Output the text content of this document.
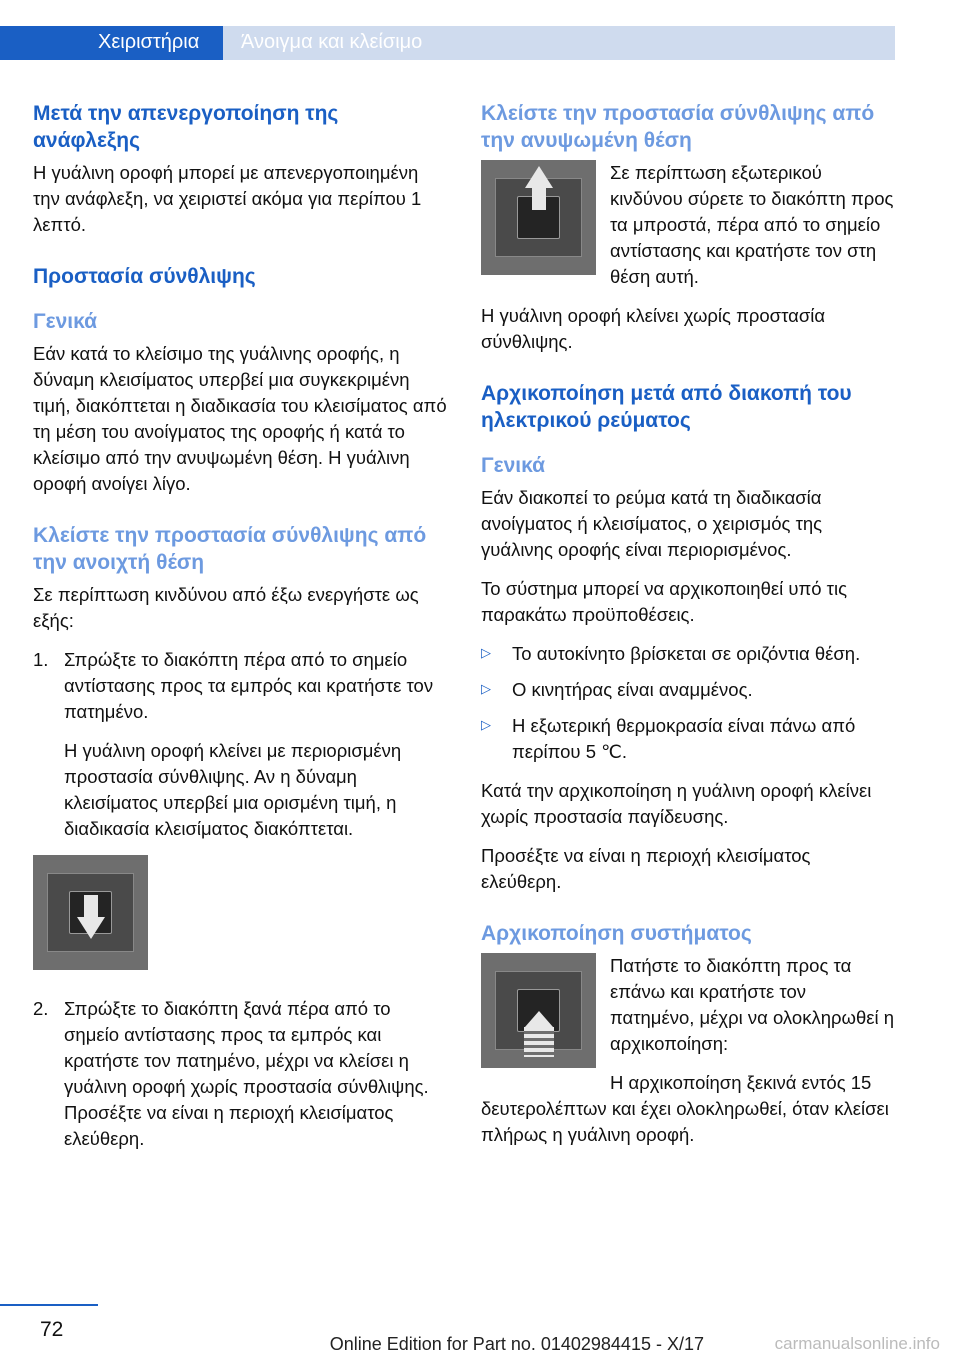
Χειριστήρια Άνοιγμα και κλείσιμο
Μετά την απενεργοποίηση της ανάφλεξης

Η γυάλινη οροφή μπορεί με απενεργοποιημένη την ανάφλεξη, να χειριστεί ακόμα για περίπου 1 λεπτό.

Προστασία σύνθλιψης
Γενικά

Εάν κατά το κλείσιμο της γυάλινης οροφής, η δύναμη κλεισίματος υπερβεί μια συγκεκριμένη τιμή, διακόπτεται η διαδικασία του κλεισίματος από τη μέση του ανοίγματος της οροφής ή κατά το κλείσιμο από την ανυψωμένη θέση. Η γυάλινη οροφή ανοίγει λίγο.

Κλείστε την προστασία σύνθλιψης από την ανοιχτή θέση

Σε περίπτωση κινδύνου από έξω ενεργήστε ως εξής:

1. Σπρώξτε το διακόπτη πέρα από το σημείο αντίστασης προς τα εμπρός και κρατήστε τον πατημένο.

Η γυάλινη οροφή κλείνει με περιορισμένη προστασία σύνθλιψης. Αν η δύναμη κλεισίματος υπερβεί μια ορισμένη τιμή, η διαδικασία κλεισίματος διακόπτεται.

2. Σπρώξτε το διακόπτη ξανά πέρα από το σημείο αντίστασης προς τα εμπρός και κρατήστε τον πατημένο, μέχρι να κλείσει η γυάλινη οροφή χωρίς προστασία σύνθλιψης. Προσέξτε να είναι η περιοχή κλεισίματος ελεύθερη.

Κλείστε την προστασία σύνθλιψης από την ανυψωμένη θέση

Σε περίπτωση εξωτερικού κινδύνου σύρετε το διακόπτη προς τα μπροστά, πέρα από το σημείο αντίστασης και κρατήστε τον στη θέση αυτή.

Η γυάλινη οροφή κλείνει χωρίς προστασία σύνθλιψης.

Αρχικοποίηση μετά από διακοπή του ηλεκτρικού ρεύματος
Γενικά

Εάν διακοπεί το ρεύμα κατά τη διαδικασία ανοίγματος ή κλεισίματος, ο χειρισμός της γυάλινης οροφής είναι περιορισμένος.

Το σύστημα μπορεί να αρχικοποιηθεί υπό τις παρακάτω προϋποθέσεις.

▷ Το αυτοκίνητο βρίσκεται σε οριζόντια θέση.

▷ Ο κινητήρας είναι αναμμένος.

▷ Η εξωτερική θερμοκρασία είναι πάνω από περίπου 5 ℃.

Κατά την αρχικοποίηση η γυάλινη οροφή κλείνει χωρίς προστασία παγίδευσης.

Προσέξτε να είναι η περιοχή κλεισίματος ελεύθερη.

Αρχικοποίηση συστήματος

Πατήστε το διακόπτη προς τα επάνω και κρατήστε τον πατημένο, μέχρι να ολοκληρωθεί η αρχικοποίηση:

Η αρχικοποίηση ξεκινά εντός 15 δευτερολέπτων και έχει ολοκληρωθεί, όταν κλείσει πλήρως η γυάλινη οροφή.

72
Online Edition for Part no. 01402984415 - X/17	carmanualsonline.info
